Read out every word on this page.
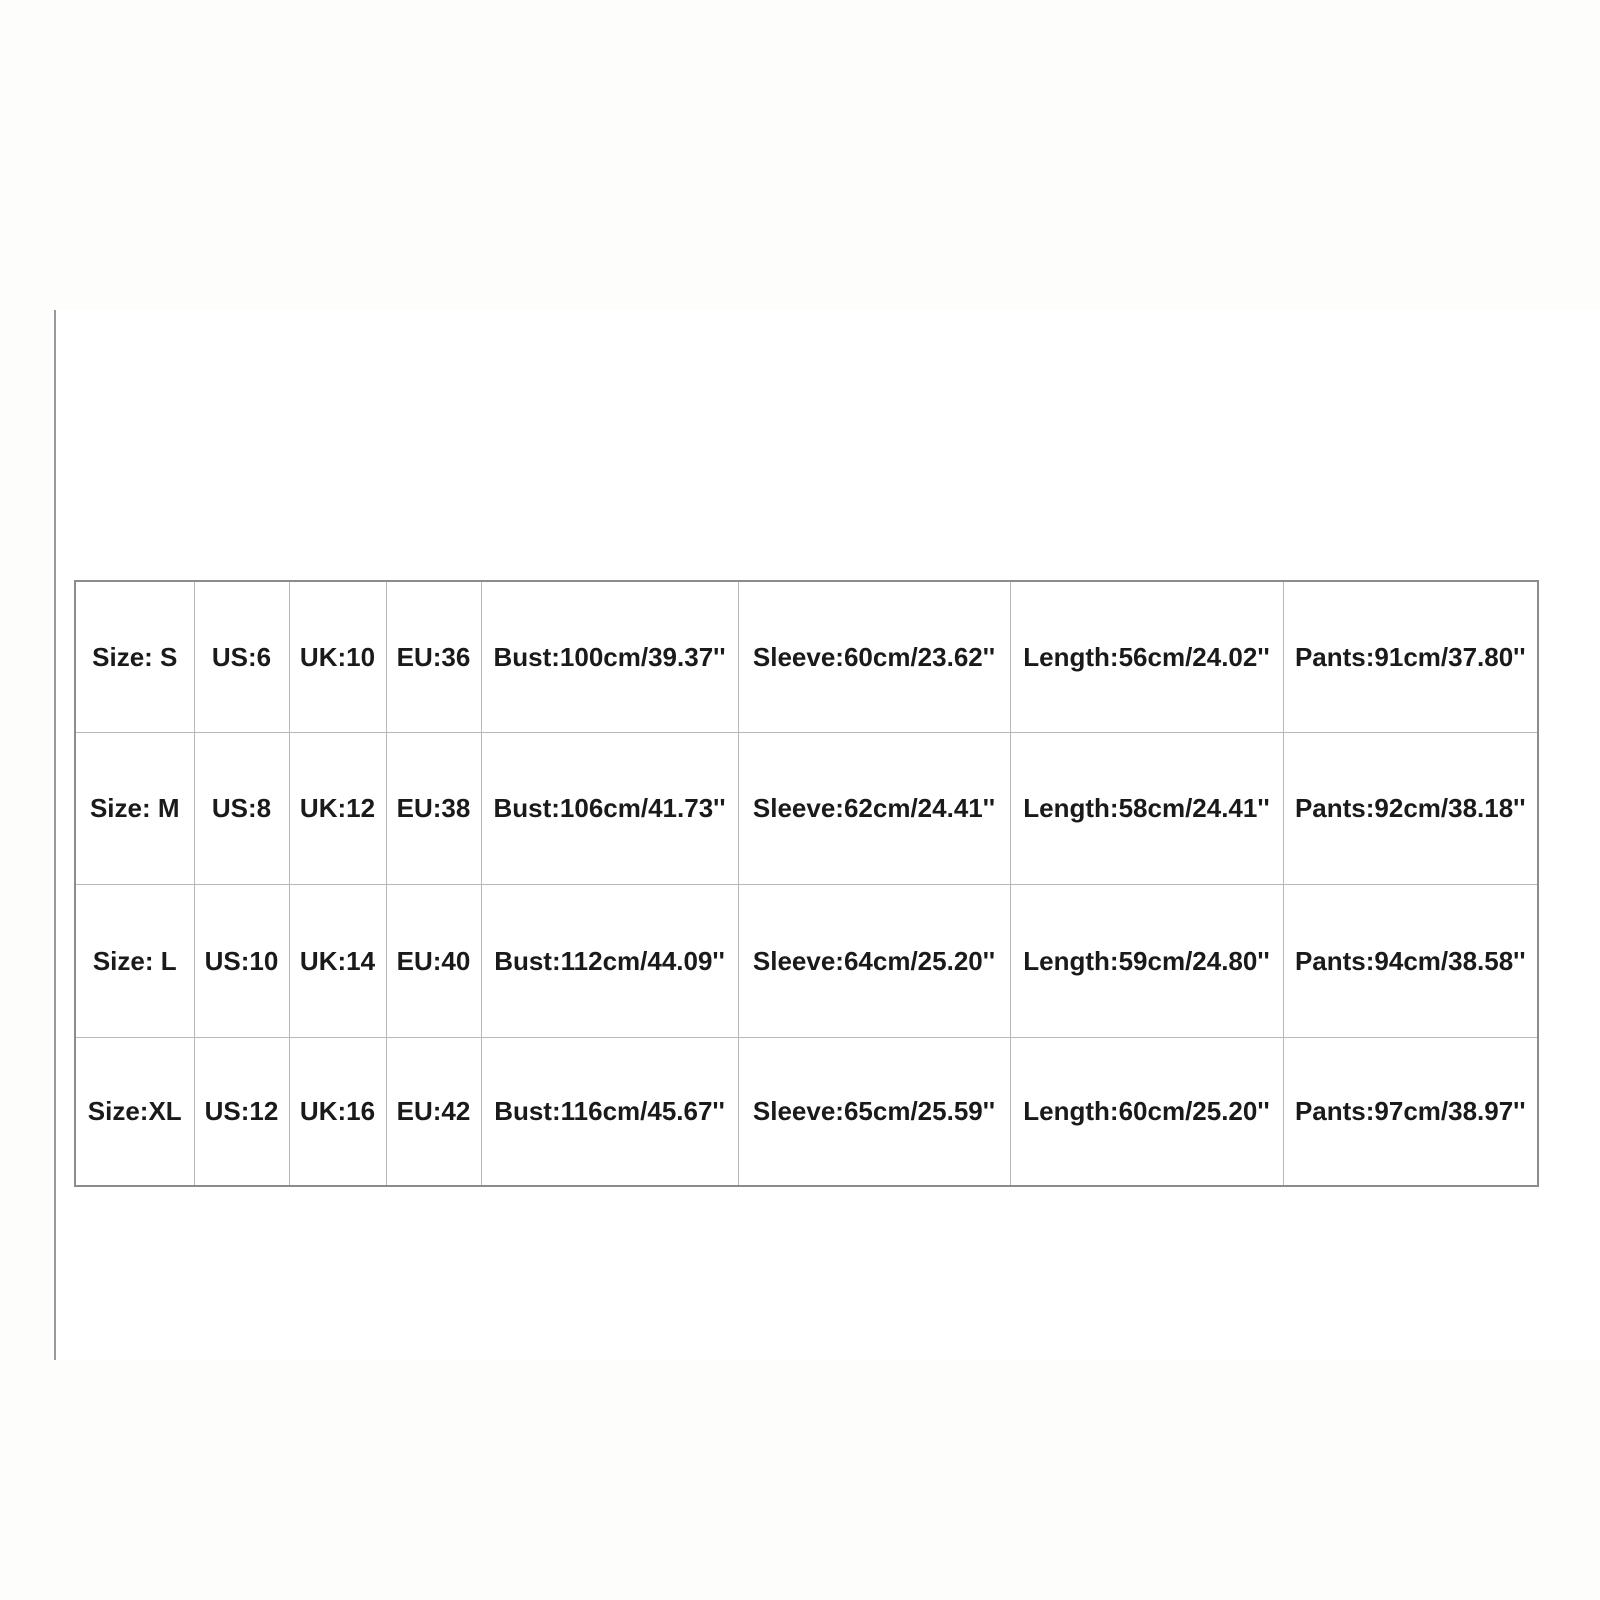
Size: S	US:6	UK:10	EU:36	Bust:100cm/39.37''	Sleeve:60cm/23.62''	Length:56cm/24.02''	Pants:91cm/37.80''
Size: M	US:8	UK:12	EU:38	Bust:106cm/41.73''	Sleeve:62cm/24.41''	Length:58cm/24.41''	Pants:92cm/38.18''
Size: L	US:10	UK:14	EU:40	Bust:112cm/44.09''	Sleeve:64cm/25.20''	Length:59cm/24.80''	Pants:94cm/38.58''
Size:XL	US:12	UK:16	EU:42	Bust:116cm/45.67''	Sleeve:65cm/25.59''	Length:60cm/25.20''	Pants:97cm/38.97''
